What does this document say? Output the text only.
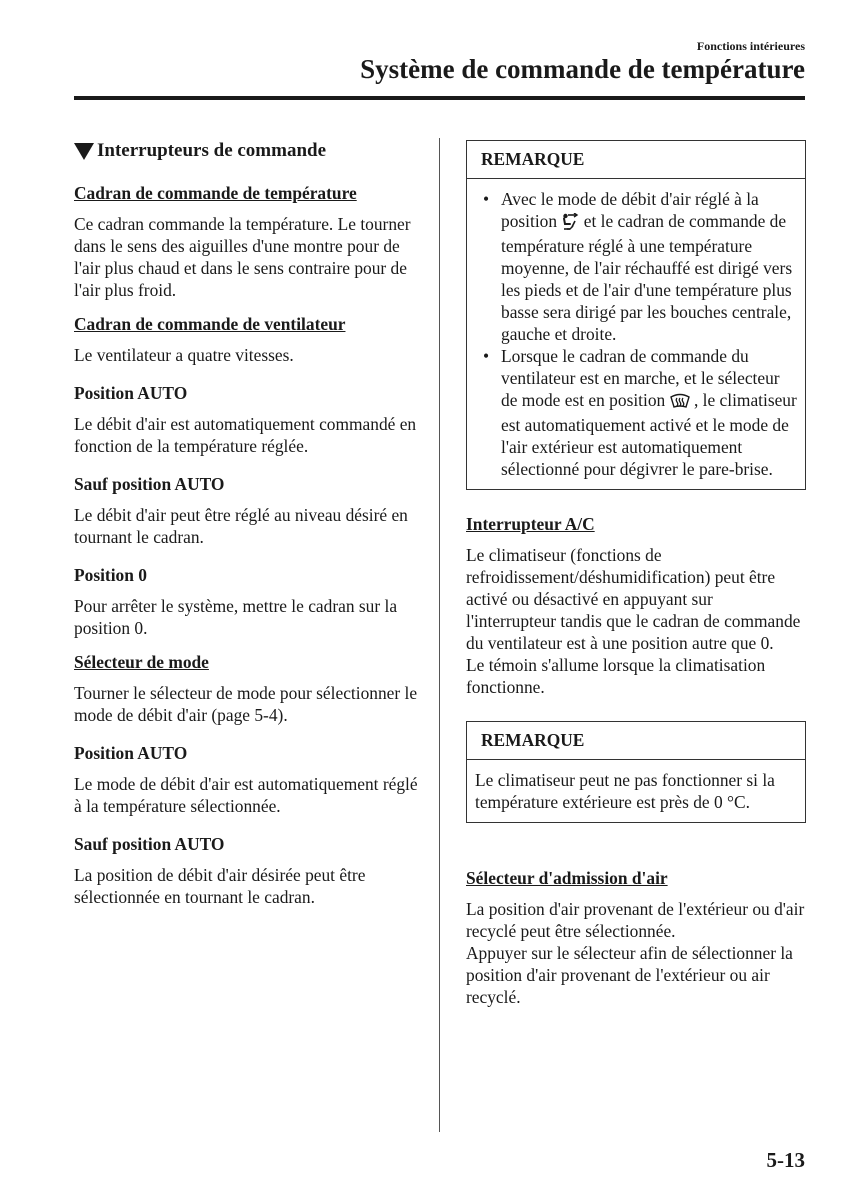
Fonctions intérieures
Système de commande de température
Interrupteurs de commande
Cadran de commande de température

Ce cadran commande la température. Le tourner dans le sens des aiguilles d'une montre pour de l'air plus chaud et dans le sens contraire pour de l'air plus froid.

Cadran de commande de ventilateur

Le ventilateur a quatre vitesses.

Position AUTO

Le débit d'air est automatiquement commandé en fonction de la température réglée.

Sauf position AUTO

Le débit d'air peut être réglé au niveau désiré en tournant le cadran.

Position 0

Pour arrêter le système, mettre le cadran sur la position 0.

Sélecteur de mode

Tourner le sélecteur de mode pour sélectionner le mode de débit d'air (page 5-4).

Position AUTO

Le mode de débit d'air est automatiquement réglé à la température sélectionnée.

Sauf position AUTO

La position de débit d'air désirée peut être sélectionnée en tournant le cadran.

REMARQUE
• Avec le mode de débit d'air réglé à la position et le cadran de commande de température réglé à une température moyenne, de l'air réchauffé est dirigé vers les pieds et de l'air d'une température plus basse sera dirigé par les bouches centrale, gauche et droite.
• Lorsque le cadran de commande du ventilateur est en marche, et le sélecteur de mode est en position , le climatiseur est automatiquement activé et le mode de l'air extérieur est automatiquement sélectionné pour dégivrer le pare-brise.
Interrupteur A/C

Le climatiseur (fonctions de refroidissement/déshumidification) peut être activé ou désactivé en appuyant sur l'interrupteur tandis que le cadran de commande du ventilateur est à une position autre que 0.

Le témoin s'allume lorsque la climatisation fonctionne.

REMARQUE
Le climatiseur peut ne pas fonctionner si la température extérieure est près de 0 °C.
Sélecteur d'admission d'air

La position d'air provenant de l'extérieur ou d'air recyclé peut être sélectionnée.

Appuyer sur le sélecteur afin de sélectionner la position d'air provenant de l'extérieur ou air recyclé.

5-13
